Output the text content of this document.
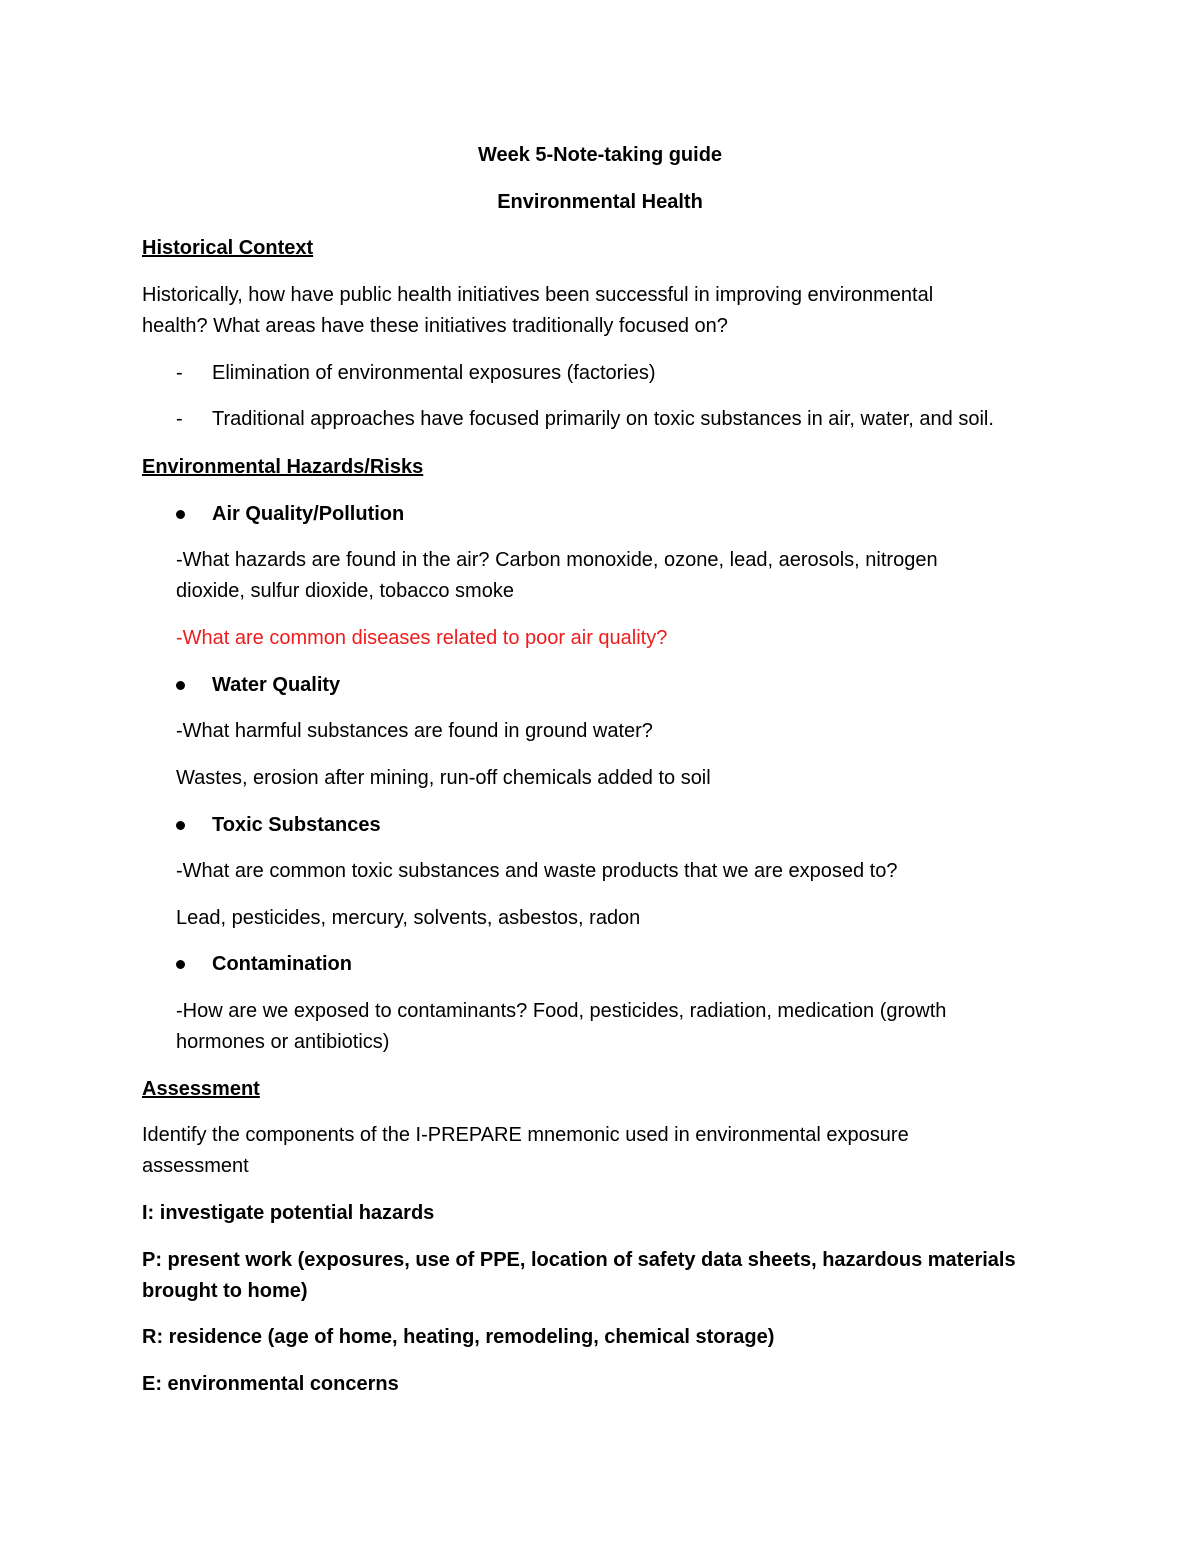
Week 5-Note-taking guide

Environmental Health

Historical Context

Historically, how have public health initiatives been successful in improving environmental

health? What areas have these initiatives traditionally focused on?

- Elimination of environmental exposures (factories)

- Traditional approaches have focused primarily on toxic substances in air, water, and soil.

Environmental Hazards/Risks

Air Quality/Pollution

-What hazards are found in the air? Carbon monoxide, ozone, lead, aerosols, nitrogen

dioxide, sulfur dioxide, tobacco smoke

-What are common diseases related to poor air quality?

Water Quality

-What harmful substances are found in ground water?

Wastes, erosion after mining, run-off chemicals added to soil

Toxic Substances

-What are common toxic substances and waste products that we are exposed to?

Lead, pesticides, mercury, solvents, asbestos, radon

Contamination

-How are we exposed to contaminants? Food, pesticides, radiation, medication (growth

hormones or antibiotics)

Assessment

Identify the components of the I-PREPARE mnemonic used in environmental exposure

assessment

I: investigate potential hazards

P: present work (exposures, use of PPE, location of safety data sheets, hazardous materials

brought to home)

R: residence (age of home, heating, remodeling, chemical storage)

E: environmental concerns
